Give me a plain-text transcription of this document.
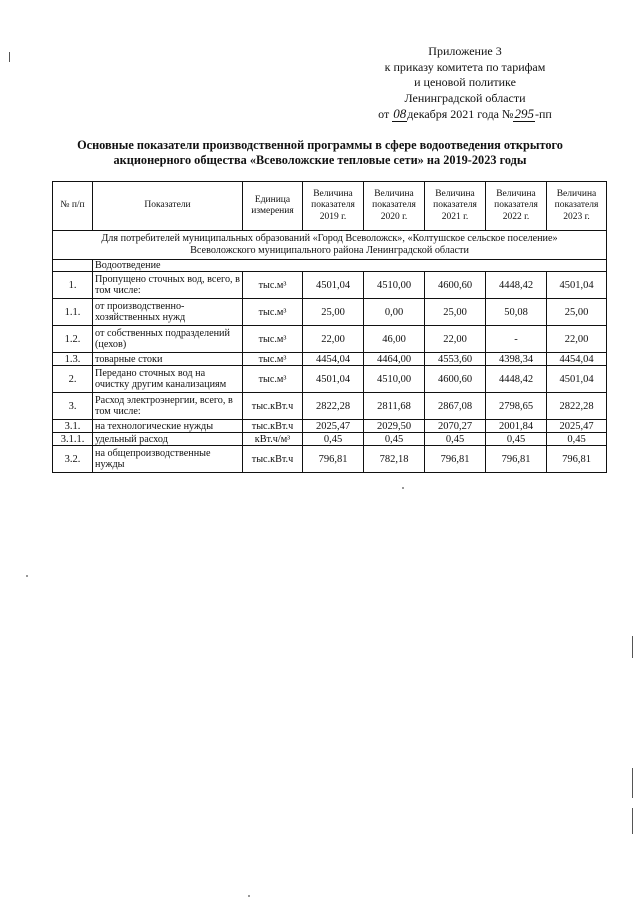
Приложение 3
к приказу комитета по тарифам
и ценовой политике
Ленинградской области
от 08декабря 2021 года №295-пп
Основные показатели производственной программы в сфере водоотведения открытого
акционерного общества «Всеволожские тепловые сети» на 2019-2023 годы
№ п/п	Показатели	Единица измерения	Величина показателя 2019 г.	Величина показателя 2020 г.	Величина показателя 2021 г.	Величина показателя 2022 г.	Величина показателя 2023 г.

Для потребителей муниципальных образований «Город Всеволожск», «Колтушское сельское поселение»
Всеволожского муниципального района Ленинградской области							

	Водоотведение						
1.	Пропущено сточных вод, всего, в том числе:	тыс.м³	4501,04	4510,00	4600,60	4448,42	4501,04
1.1.	от производственно-хозяйственных нужд	тыс.м³	25,00	0,00	25,00	50,08	25,00
1.2.	от собственных подразделений (цехов)	тыс.м³	22,00	46,00	22,00	-	22,00
1.3.	товарные стоки	тыс.м³	4454,04	4464,00	4553,60	4398,34	4454,04
2.	Передано сточных вод на очистку другим канализациям	тыс.м³	4501,04	4510,00	4600,60	4448,42	4501,04
3.	Расход электроэнергии, всего, в том числе:	тыс.кВт.ч	2822,28	2811,68	2867,08	2798,65	2822,28
3.1.	на технологические нужды	тыс.кВт.ч	2025,47	2029,50	2070,27	2001,84	2025,47
3.1.1.	удельный расход	кВт.ч/м³	0,45	0,45	0,45	0,45	0,45
3.2.	на общепроизводственные нужды	тыс.кВт.ч	796,81	782,18	796,81	796,81	796,81
